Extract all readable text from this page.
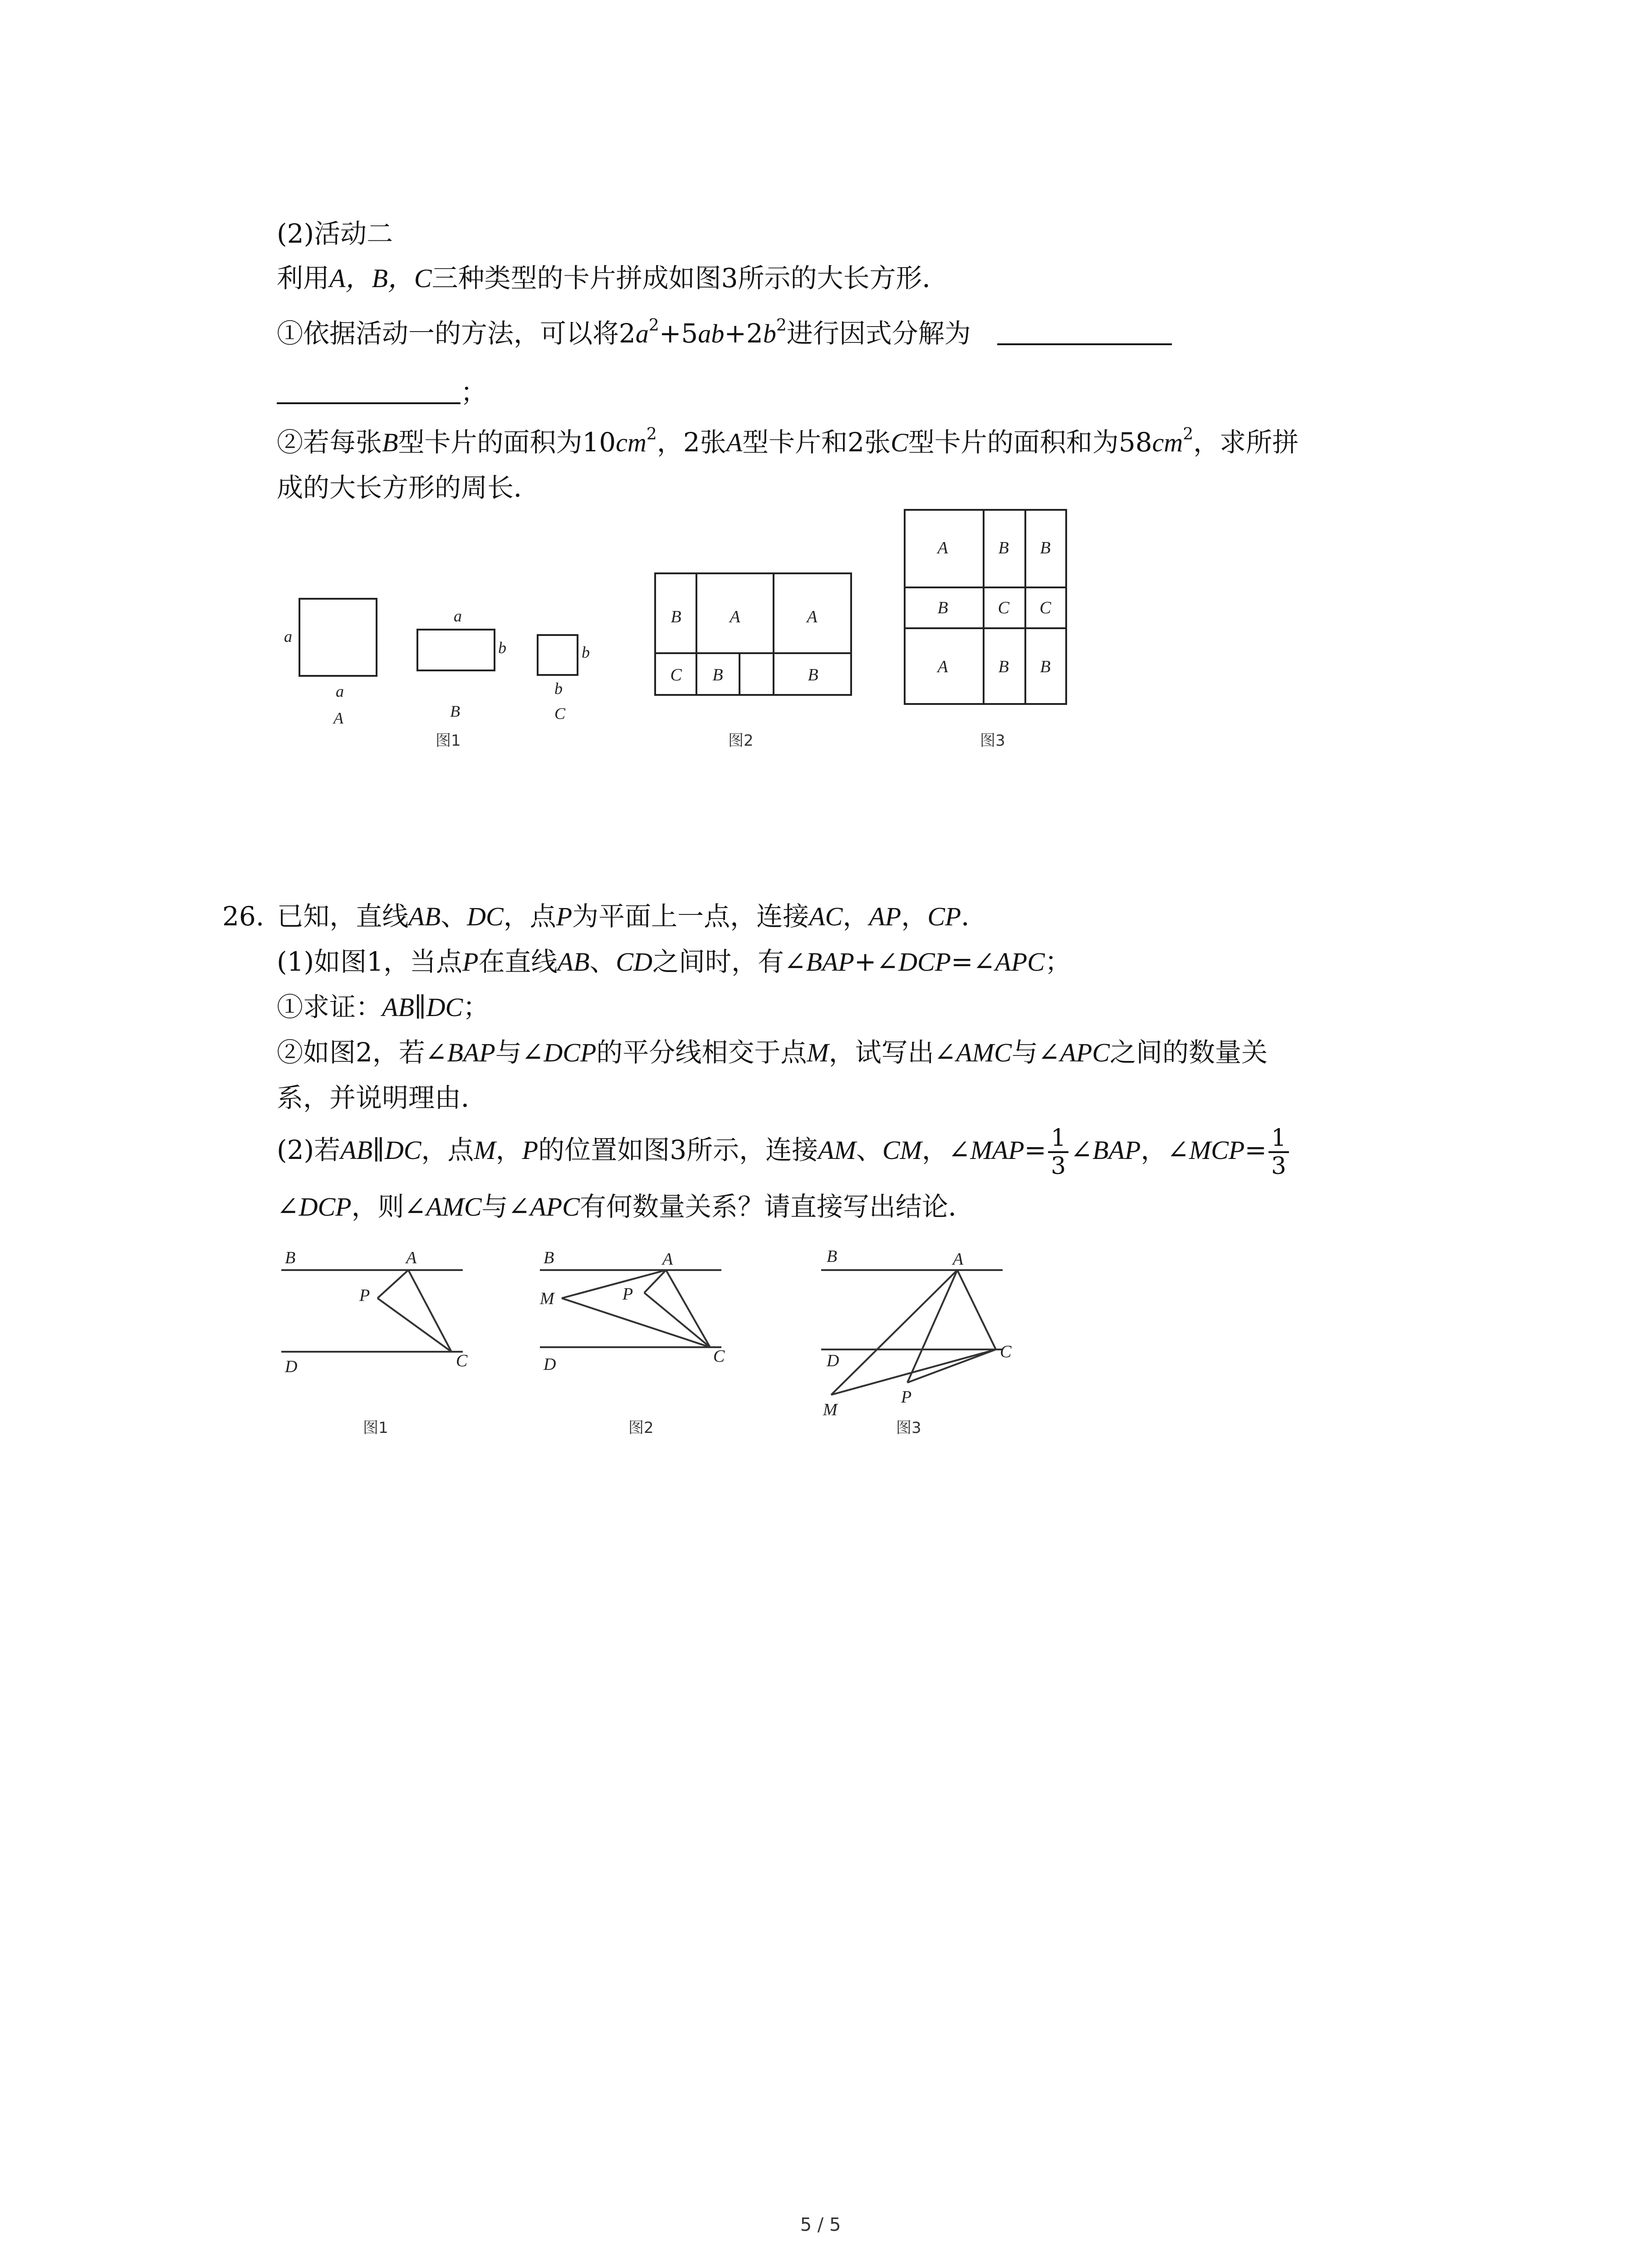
(2)活动二
利用A，B，C三种类型的卡片拼成如图3所示的大长方形．
①依据活动一的方法，可以将$2a^2+5ab+2b^2$进行因式分解为
；
②若每张B型卡片的面积为$10cm^2$，2张A型卡片和2张C型卡片的面积和为$58cm^2$，求所拼
成的大长方形的周长．
a
a
A
a
b
B
b
b
C
图1
B	A	A
C B	B
图2
A	B B
B	C C
A	B B
图3
26. 已知，直线AB、DC，点P为平面上一点，连接AC，AP，CP．
(1)如图1，当点P在直线AB、CD之间时，有∠BAP+∠DCP=∠APC；
①求证：AB∥DC；
②如图2，若∠BAP与∠DCP的平分线相交于点M，试写出∠AMC与∠APC之间的数量关
系，并说明理由．
(2)若AB∥DC，点M，P的位置如图3所示，连接AM、CM，∠MAP= $\frac{1}{3}$ ∠BAP，∠MCP= $\frac{1}{3}$
∠DCP，则∠AMC与∠APC有何数量关系？请直接写出结论．
B	A
P
D	C
图1
B	A
M	P
D	C
图2
B	A
D	C
M
P
图3
5 / 5
